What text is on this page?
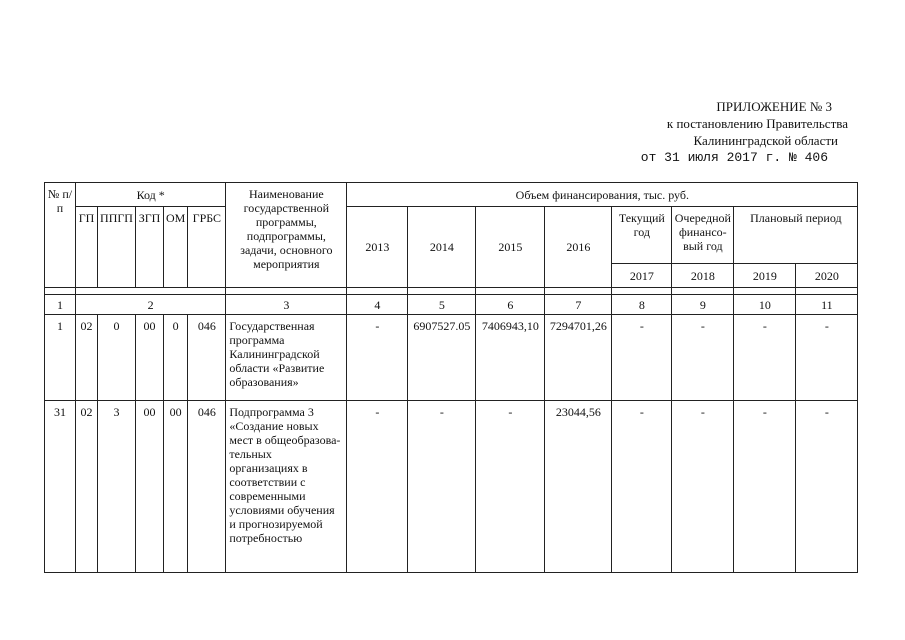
ПРИЛОЖЕНИЕ № 3
к постановлению Правительства
Калининградской области
от 31 июля 2017 г. № 406
№ п/п	Код *					Наименование государственной программы, подпрограммы, задачи, основного мероприятия	Объем финансирования, тыс. руб.							
	ГП	ППГП	ЗГП	ОМ	ГРБС		2013	2014	2015	2016	Текущий год	Очередной финансо-вый год	Плановый период	

											2017	2018	2019	2020

1	2					3	4	5	6	7	8	9	10	11
1	02	0	00	0	046	Государственная программа Калининградской области «Развитие образования»	-	6907527.05	7406943,10	7294701,26	-	-	-	-
31	02	3	00	00	046	Подпрограмма 3 «Создание новых мест в общеобразова-тельных организациях в соответствии с современными условиями обучения и прогнозируемой потребностью	-	-	-	23044,56	-	-	-	-
